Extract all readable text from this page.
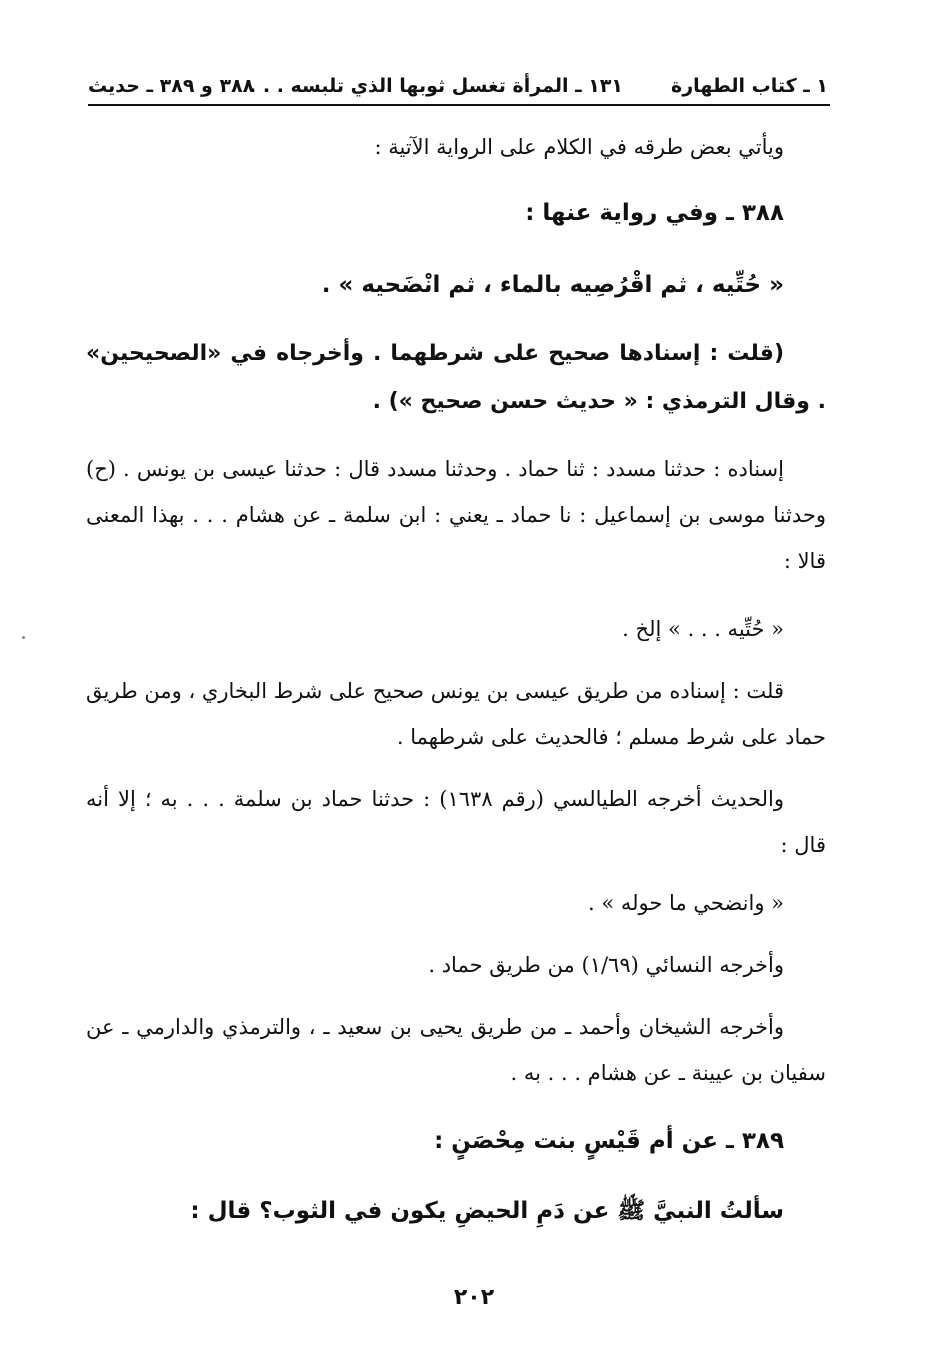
١ ـ كتاب الطهارة
١٣١ ـ المرأة تغسل ثوبها الذي تلبسه . . .
٣٨٨ و ٣٨٩ ـ حديث
ويأتي بعض طرقه في الكلام على الرواية الآتية :
٣٨٨ ـ وفي رواية عنها :
« حُتِّيه ، ثم اقْرُصِيه بالماء ، ثم انْضَحيه » .
(قلت : إسنادها صحيح على شرطهما . وأخرجاه في «الصحيحين» . وقال الترمذي : « حديث حسن صحيح ») .
إسناده : حدثنا مسدد : ثنا حماد . وحدثنا مسدد قال : حدثنا عيسى بن يونس . (ح) وحدثنا موسى بن إسماعيل : نا حماد ـ يعني : ابن سلمة ـ عن هشام . . . بهذا المعنى قالا :
« حُتِّيه . . . » إلخ .
قلت : إسناده من طريق عيسى بن يونس صحيح على شرط البخاري ، ومن طريق حماد على شرط مسلم ؛ فالحديث على شرطهما .
والحديث أخرجه الطيالسي (رقم ١٦٣٨) : حدثنا حماد بن سلمة . . . به ؛ إلا أنه قال :
« وانضحي ما حوله » .
وأخرجه النسائي (١/٦٩) من طريق حماد .
وأخرجه الشيخان وأحمد ـ من طريق يحيى بن سعيد ـ ، والترمذي والدارمي ـ عن سفيان بن عيينة ـ عن هشام . . . به .
٣٨٩ ـ عن أم قَيْسٍ بنت مِحْصَنٍ :
سألتُ النبيَّ ﷺ عن دَمِ الحيضِ يكون في الثوب؟ قال :
٢٠٢
